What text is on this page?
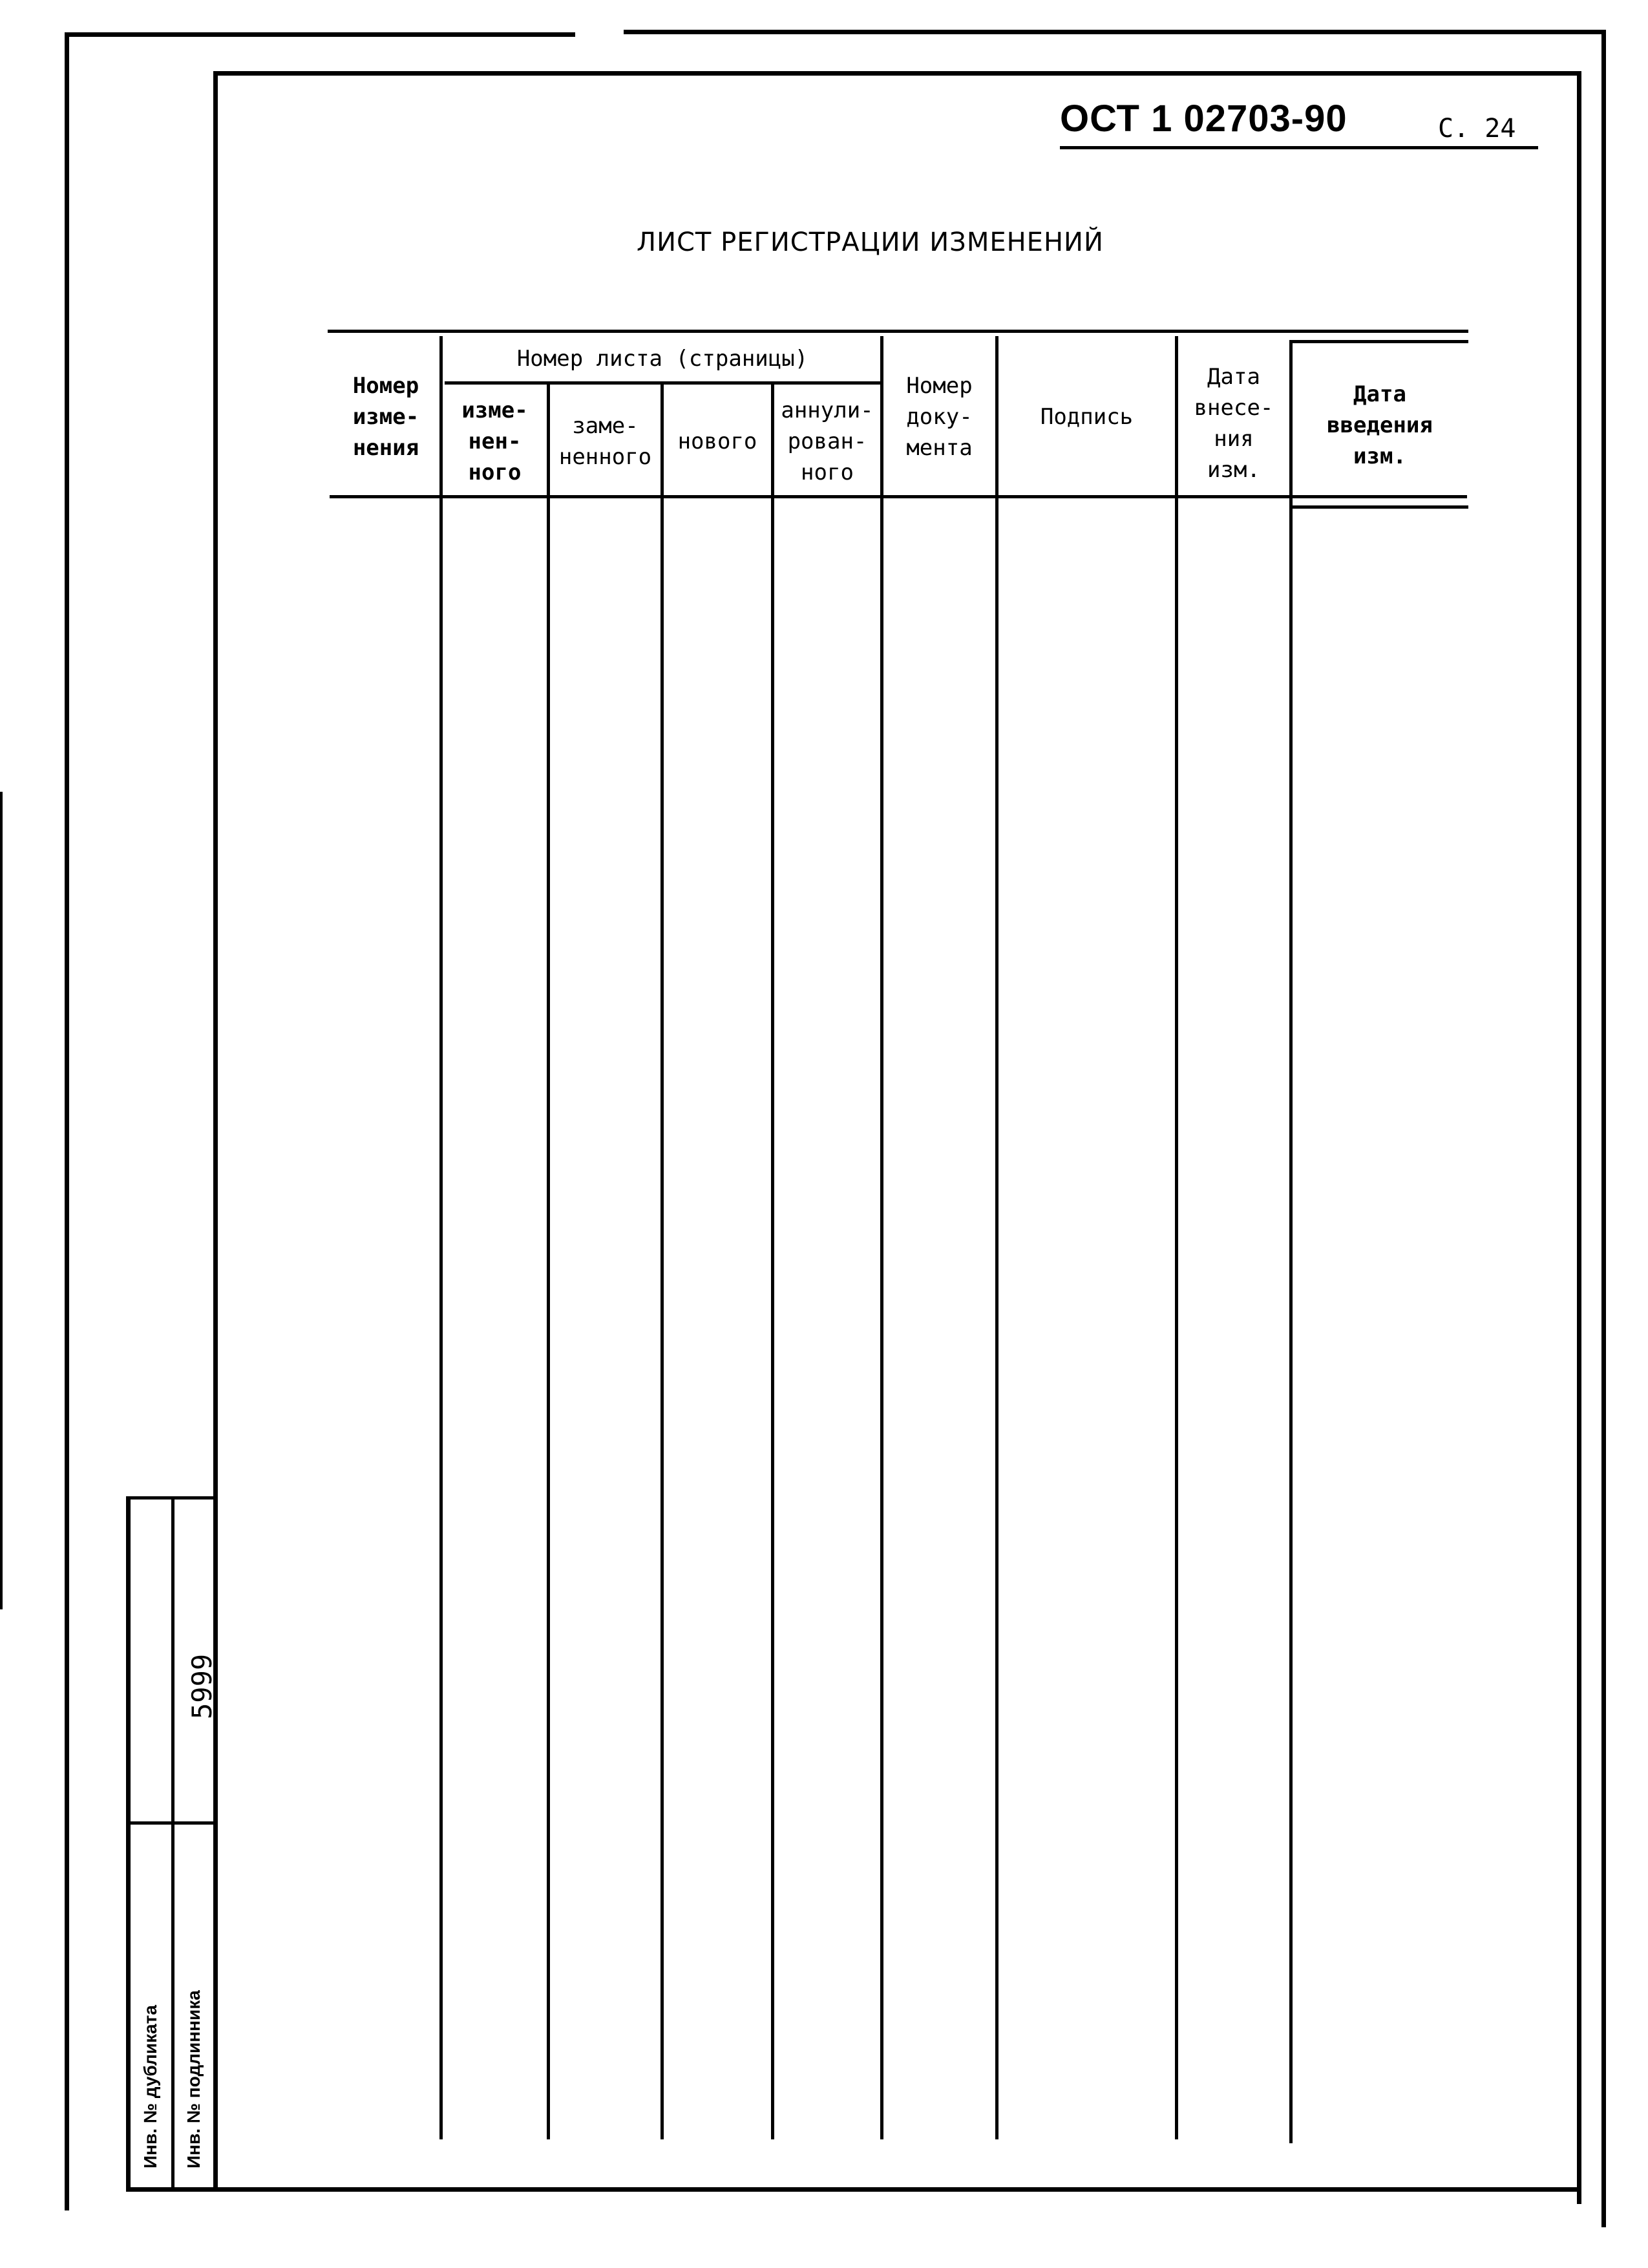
ОСТ 1 02703-90	С. 24
ЛИСТ РЕГИСТРАЦИИ ИЗМЕНЕНИЙ
Номер
изме-
нения
Номер листа (страницы)
изме-
нен-
ного
заме-
ненного
нового
аннули-
рован-
ного
Номер
доку-
мента
Подпись
Дата
внесе-
ния
изм.
Дата
введения
изм.
Инв. № дубликата Инв. № подлинника
5999
